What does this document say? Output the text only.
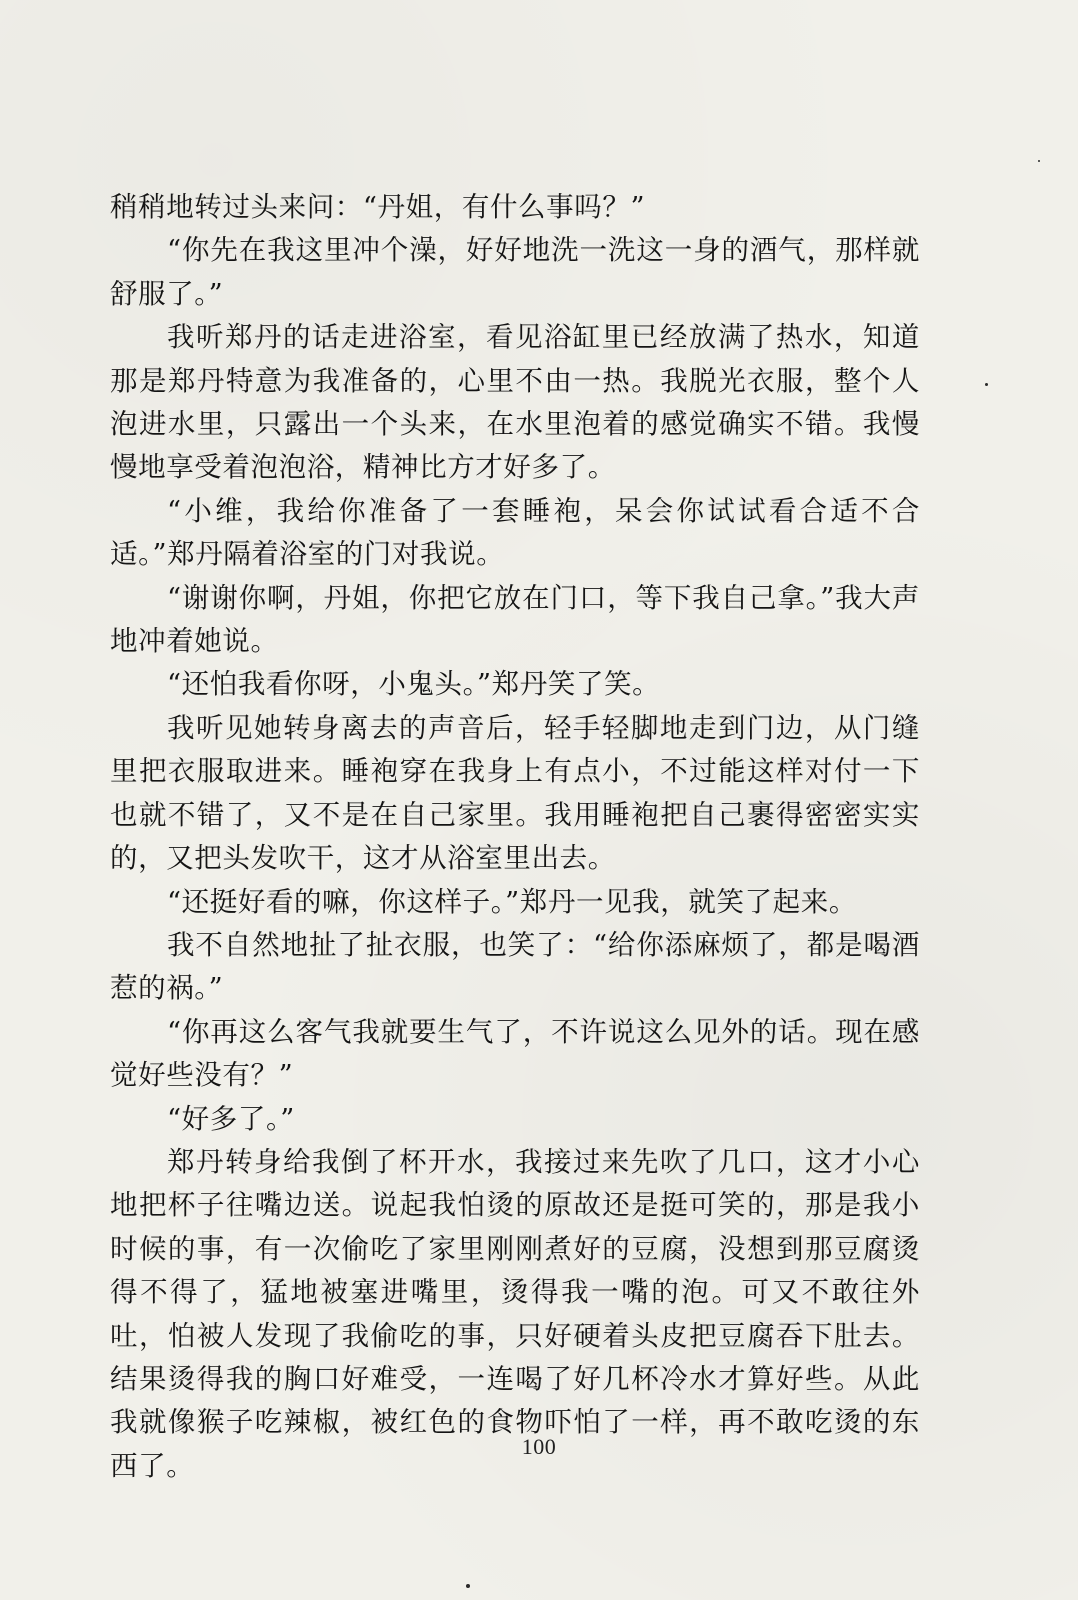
稍稍地转过头来问：“丹姐，有什么事吗？”

“你先在我这里冲个澡，好好地洗一洗这一身的酒气，那样就舒服了。”

我听郑丹的话走进浴室，看见浴缸里已经放满了热水，知道那是郑丹特意为我准备的，心里不由一热。我脱光衣服，整个人泡进水里，只露出一个头来，在水里泡着的感觉确实不错。我慢慢地享受着泡泡浴，精神比方才好多了。

“小维，我给你准备了一套睡袍，呆会你试试看合适不合适。”郑丹隔着浴室的门对我说。

“谢谢你啊，丹姐，你把它放在门口，等下我自己拿。”我大声地冲着她说。

“还怕我看你呀，小鬼头。”郑丹笑了笑。

我听见她转身离去的声音后，轻手轻脚地走到门边，从门缝里把衣服取进来。睡袍穿在我身上有点小，不过能这样对付一下也就不错了，又不是在自己家里。我用睡袍把自己裹得密密实实的，又把头发吹干，这才从浴室里出去。

“还挺好看的嘛，你这样子。”郑丹一见我，就笑了起来。

我不自然地扯了扯衣服，也笑了：“给你添麻烦了，都是喝酒惹的祸。”

“你再这么客气我就要生气了，不许说这么见外的话。现在感觉好些没有？”

“好多了。”

郑丹转身给我倒了杯开水，我接过来先吹了几口，这才小心地把杯子往嘴边送。说起我怕烫的原故还是挺可笑的，那是我小时候的事，有一次偷吃了家里刚刚煮好的豆腐，没想到那豆腐烫得不得了，猛地被塞进嘴里，烫得我一嘴的泡。可又不敢往外吐，怕被人发现了我偷吃的事，只好硬着头皮把豆腐吞下肚去。结果烫得我的胸口好难受，一连喝了好几杯冷水才算好些。从此我就像猴子吃辣椒，被红色的食物吓怕了一样，再不敢吃烫的东西了。

100
